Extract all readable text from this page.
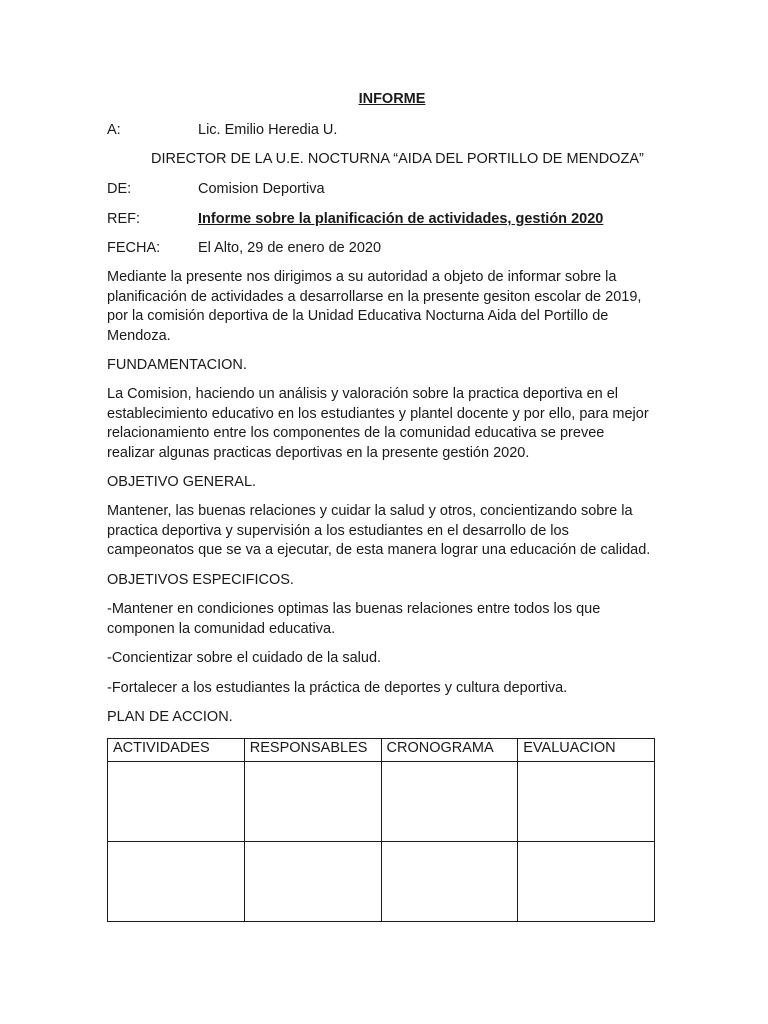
INFORME
A:	Lic. Emilio Heredia U.
DIRECTOR DE LA U.E. NOCTURNA “AIDA DEL PORTILLO DE MENDOZA”
DE:	Comision Deportiva
REF:	Informe sobre la planificación de actividades, gestión 2020
FECHA:	El Alto, 29 de enero de 2020
Mediante la presente nos dirigimos a su autoridad a objeto de informar sobre la
planificación de actividades a desarrollarse en la presente gesiton escolar de 2019,
por la comisión deportiva de la Unidad Educativa Nocturna Aida del Portillo de
Mendoza.
FUNDAMENTACION.
La Comision, haciendo un análisis y valoración sobre la practica deportiva en el
establecimiento educativo en los estudiantes y plantel docente y por ello, para mejor
relacionamiento entre los componentes de la comunidad educativa se prevee
realizar algunas practicas deportivas en la presente gestión 2020.
OBJETIVO GENERAL.
Mantener, las buenas relaciones y cuidar la salud y otros, concientizando sobre la
practica deportiva y supervisión a los estudiantes en el desarrollo de los
campeonatos que se va a ejecutar, de esta manera lograr una educación de calidad.
OBJETIVOS ESPECIFICOS.
-Mantener en condiciones optimas las buenas relaciones entre todos los que
componen la comunidad educativa.
-Concientizar sobre el cuidado de la salud.
-Fortalecer a los estudiantes la práctica de deportes y cultura deportiva.
PLAN DE ACCION.
ACTIVIDADES	RESPONSABLES	CRONOGRAMA	EVALUACION
